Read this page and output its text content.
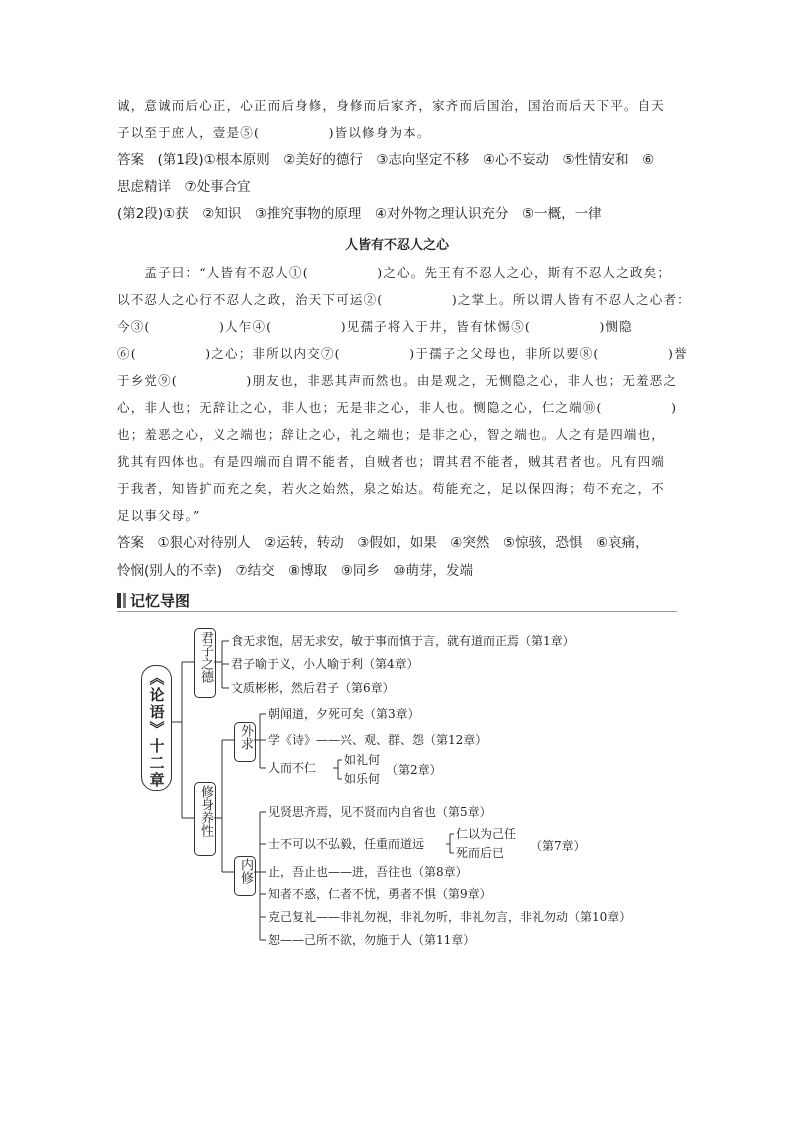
诚，意诚而后心正，心正而后身修，身修而后家齐，家齐而后国治，国治而后天下平。自天
子以至于庶人，壹是⑤(　　　　　)皆以修身为本。
答案　(第1段)①根本原则　②美好的德行　③志向坚定不移　④心不妄动　⑤性情安和　⑥
思虑精详　⑦处事合宜
(第2段)①获　②知识　③推究事物的原理　④对外物之理认识充分　⑤一概，一律
人皆有不忍人之心
　　孟子曰：“人皆有不忍人①(　　　　　)之心。先王有不忍人之心，斯有不忍人之政矣；
以不忍人之心行不忍人之政，治天下可运②(　　　　　)之掌上。所以谓人皆有不忍人之心者：
今③(　　　　　)人乍④(　　　　　)见孺子将入于井，皆有怵惕⑤(　　　　　)恻隐
⑥(　　　　　)之心；非所以内交⑦(　　　　　)于孺子之父母也，非所以要⑧(　　　　　)誉
于乡党⑨(　　　　　)朋友也，非恶其声而然也。由是观之，无恻隐之心，非人也；无羞恶之
心，非人也；无辞让之心，非人也；无是非之心，非人也。恻隐之心，仁之端⑩(　　　　　)
也；羞恶之心，义之端也；辞让之心，礼之端也；是非之心，智之端也。人之有是四端也，
犹其有四体也。有是四端而自谓不能者，自贼者也；谓其君不能者，贼其君者也。凡有四端
于我者，知皆扩而充之矣，若火之始然，泉之始达。苟能充之，足以保四海；苟不充之，不
足以事父母。”
答案　①狠心对待别人　②运转，转动　③假如，如果　④突然　⑤惊骇，恐惧　⑥哀痛，
记忆导图
《论语》十二章
君子之德 食无求饱，居无求安，敏于事而慎于言，就有道而正焉（第1章）
君子喻于义，小人喻于利（第4章）
文质彬彬，然后君子（第6章）
修身养性
外求
朝闻道，夕死可矣（第3章）
学《诗》——兴、观、群、怨（第12章）
人而不仁
如礼何
如乐何
（第2章）
内修
见贤思齐焉，见不贤而内自省也（第5章）
士不可以不弘毅，任重而道远
仁以为己任
死而后已 （第7章）
止，吾止也——进，吾往也（第8章）
知者不惑，仁者不忧，勇者不惧（第9章）
克己复礼——非礼勿视，非礼勿听，非礼勿言，非礼勿动（第10章）
恕——己所不欲，勿施于人（第11章）
怜悯(别人的不幸)　⑦结交　⑧博取　⑨同乡　⑩萌芽，发端
